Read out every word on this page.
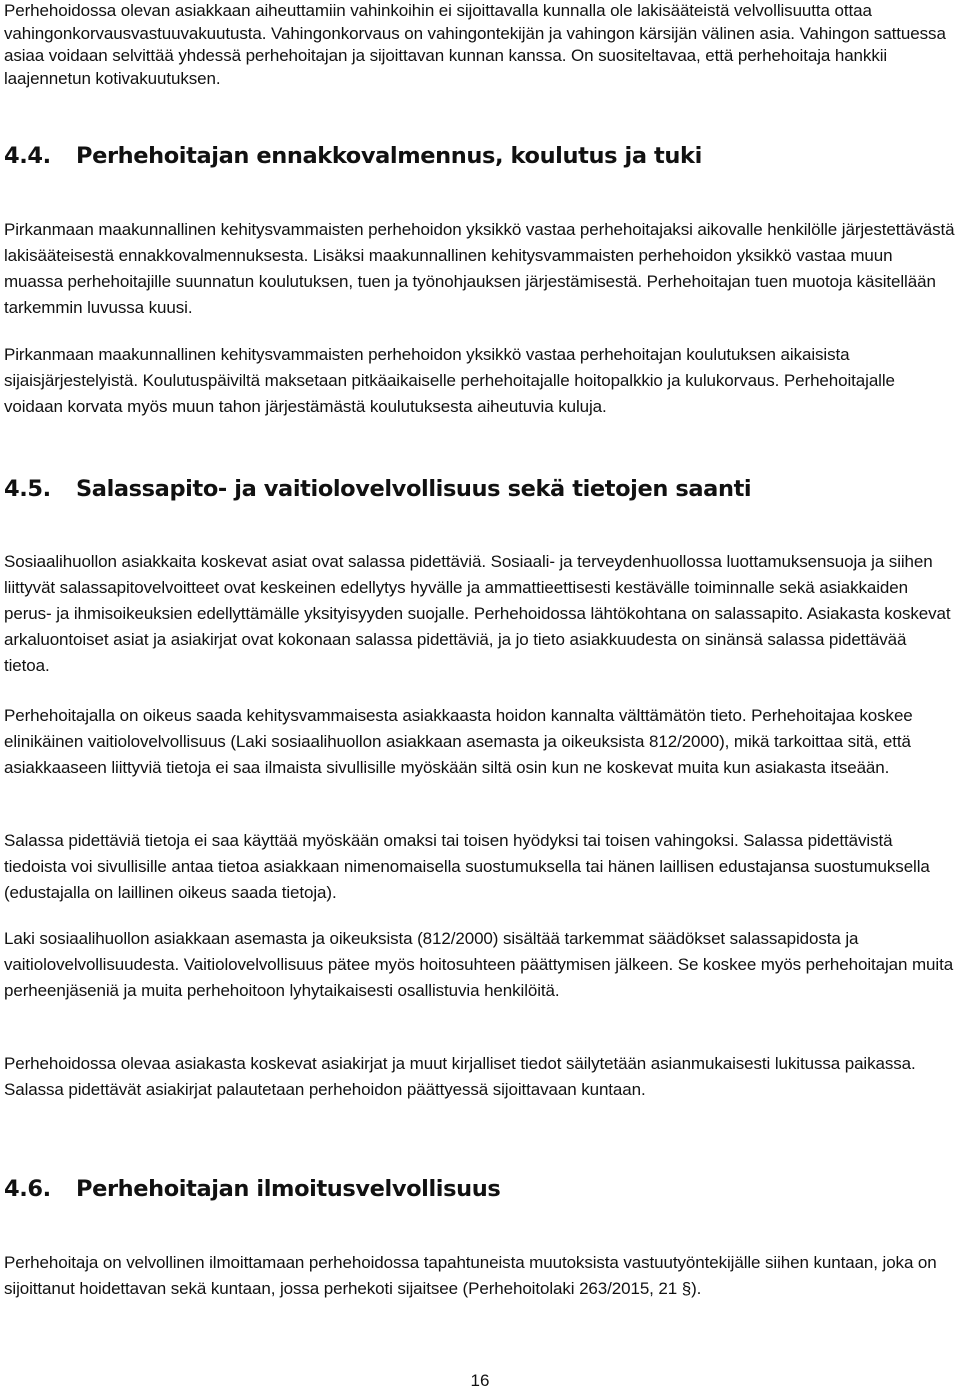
Perhehoidossa olevan asiakkaan aiheuttamiin vahinkoihin ei sijoittavalla kunnalla ole lakisääteistä velvollisuutta ottaa vahingonkorvausvastuuvakuutusta. Vahingonkorvaus on vahingontekijän ja vahingon kärsijän välinen asia. Vahingon sattuessa asiaa voidaan selvittää yhdessä perhehoitajan ja sijoittavan kunnan kanssa. On suositeltavaa, että perhehoitaja hankkii laajennetun kotivakuutuksen.

4.4. Perhehoitajan ennakkovalmennus, koulutus ja tuki

Pirkanmaan maakunnallinen kehitysvammaisten perhehoidon yksikkö vastaa perhehoitajaksi aikovalle henkilölle järjestettävästä lakisääteisestä ennakkovalmennuksesta. Lisäksi maakunnallinen kehitysvammaisten perhehoidon yksikkö vastaa muun muassa perhehoitajille suunnatun koulutuksen, tuen ja työnohjauksen järjestämisestä. Perhehoitajan tuen muotoja käsitellään tarkemmin luvussa kuusi.

Pirkanmaan maakunnallinen kehitysvammaisten perhehoidon yksikkö vastaa perhehoitajan koulutuksen aikaisista sijaisjärjestelyistä. Koulutuspäiviltä maksetaan pitkäaikaiselle perhehoitajalle hoitopalkkio ja kulukorvaus. Perhehoitajalle voidaan korvata myös muun tahon järjestämästä koulutuksesta aiheutuvia kuluja.

4.5. Salassapito- ja vaitiolovelvollisuus sekä tietojen saanti

Sosiaalihuollon asiakkaita koskevat asiat ovat salassa pidettäviä. Sosiaali- ja terveydenhuollossa luottamuksensuoja ja siihen liittyvät salassapitovelvoitteet ovat keskeinen edellytys hyvälle ja ammattieettisesti kestävälle toiminnalle sekä asiakkaiden perus- ja ihmisoikeuksien edellyttämälle yksityisyyden suojalle. Perhehoidossa lähtökohtana on salassapito. Asiakasta koskevat arkaluontoiset asiat ja asiakirjat ovat kokonaan salassa pidettäviä, ja jo tieto asiakkuudesta on sinänsä salassa pidettävää tietoa.

Perhehoitajalla on oikeus saada kehitysvammaisesta asiakkaasta hoidon kannalta välttämätön tieto. Perhehoitajaa koskee elinikäinen vaitiolovelvollisuus (Laki sosiaalihuollon asiakkaan asemasta ja oikeuksista 812/2000), mikä tarkoittaa sitä, että asiakkaaseen liittyviä tietoja ei saa ilmaista sivullisille myöskään siltä osin kun ne koskevat muita kun asiakasta itseään.

Salassa pidettäviä tietoja ei saa käyttää myöskään omaksi tai toisen hyödyksi tai toisen vahingoksi. Salassa pidettävistä tiedoista voi sivullisille antaa tietoa asiakkaan nimenomaisella suostumuksella tai hänen laillisen edustajansa suostumuksella (edustajalla on laillinen oikeus saada tietoja).

Laki sosiaalihuollon asiakkaan asemasta ja oikeuksista (812/2000) sisältää tarkemmat säädökset salassapidosta ja vaitiolovelvollisuudesta. Vaitiolovelvollisuus pätee myös hoitosuhteen päättymisen jälkeen. Se koskee myös perhehoitajan muita perheenjäseniä ja muita perhehoitoon lyhytaikaisesti osallistuvia henkilöitä.

Perhehoidossa olevaa asiakasta koskevat asiakirjat ja muut kirjalliset tiedot säilytetään asianmukaisesti lukitussa paikassa. Salassa pidettävät asiakirjat palautetaan perhehoidon päättyessä sijoittavaan kuntaan.

4.6. Perhehoitajan ilmoitusvelvollisuus

Perhehoitaja on velvollinen ilmoittamaan perhehoidossa tapahtuneista muutoksista vastuutyöntekijälle siihen kuntaan, joka on sijoittanut hoidettavan sekä kuntaan, jossa perhekoti sijaitsee (Perhehoitolaki 263/2015, 21 §).

16
